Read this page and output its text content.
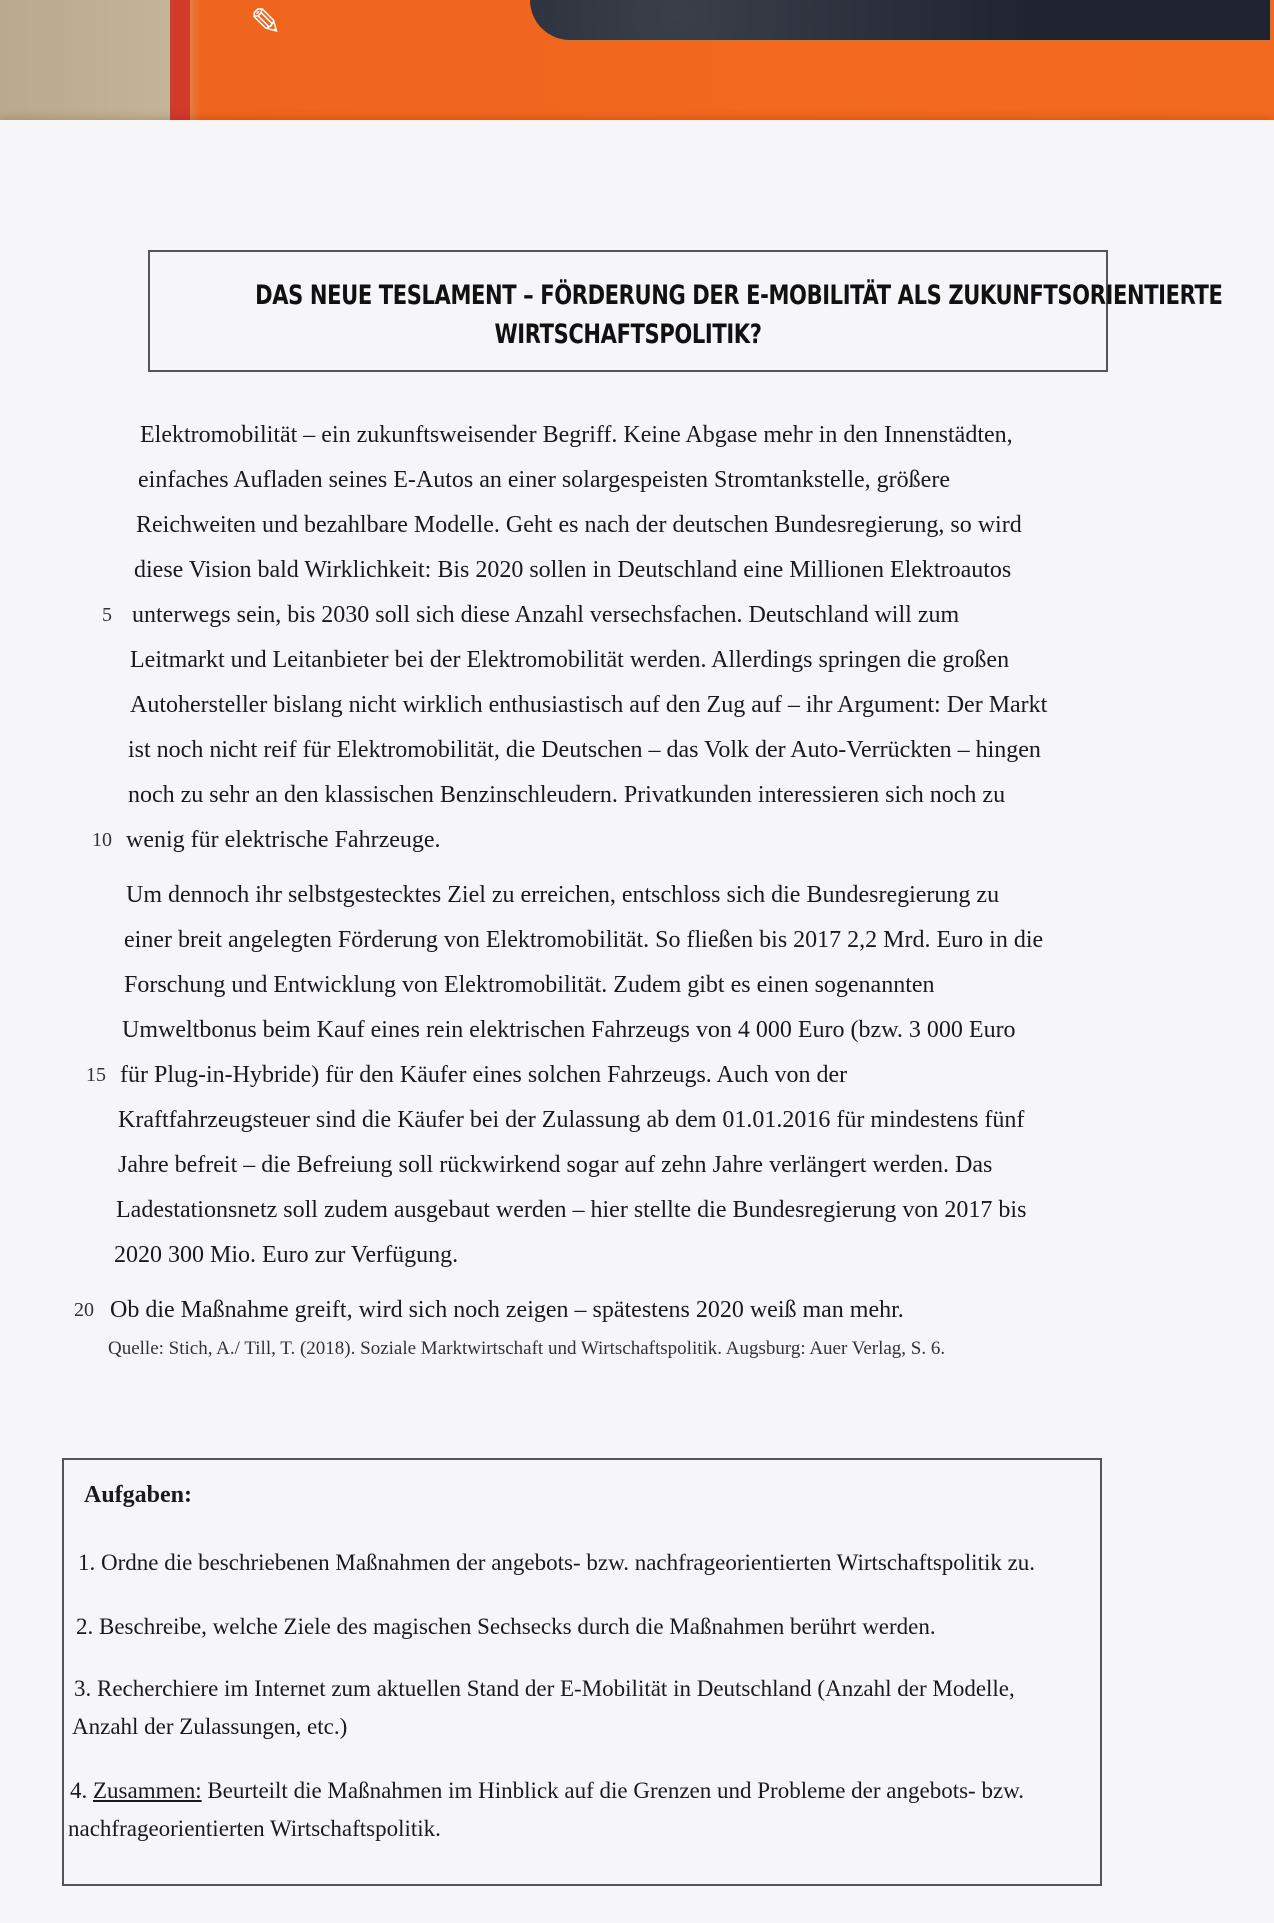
✎
DAS NEUE TESLAMENT – FÖRDERUNG DER E-MOBILITÄT ALS ZUKUNFTSORIENTIERTE
WIRTSCHAFTSPOLITIK?
Elektromobilität – ein zukunftsweisender Begriff. Keine Abgase mehr in den Innenstädten,
einfaches Aufladen seines E-Autos an einer solargespeisten Stromtankstelle, größere
Reichweiten und bezahlbare Modelle. Geht es nach der deutschen Bundesregierung, so wird
diese Vision bald Wirklichkeit: Bis 2020 sollen in Deutschland eine Millionen Elektroautos
unterwegs sein, bis 2030 soll sich diese Anzahl versechsfachen. Deutschland will zum
Leitmarkt und Leitanbieter bei der Elektromobilität werden. Allerdings springen die großen
Autohersteller bislang nicht wirklich enthusiastisch auf den Zug auf – ihr Argument: Der Markt
ist noch nicht reif für Elektromobilität, die Deutschen – das Volk der Auto-Verrückten – hingen
noch zu sehr an den klassischen Benzinschleudern. Privatkunden interessieren sich noch zu
wenig für elektrische Fahrzeuge.
Um dennoch ihr selbstgestecktes Ziel zu erreichen, entschloss sich die Bundesregierung zu
einer breit angelegten Förderung von Elektromobilität. So fließen bis 2017 2,2 Mrd. Euro in die
Forschung und Entwicklung von Elektromobilität. Zudem gibt es einen sogenannten
Umweltbonus beim Kauf eines rein elektrischen Fahrzeugs von 4 000 Euro (bzw. 3 000 Euro
für Plug-in-Hybride) für den Käufer eines solchen Fahrzeugs. Auch von der
Kraftfahrzeugsteuer sind die Käufer bei der Zulassung ab dem 01.01.2016 für mindestens fünf
Jahre befreit – die Befreiung soll rückwirkend sogar auf zehn Jahre verlängert werden. Das
Ladestationsnetz soll zudem ausgebaut werden – hier stellte die Bundesregierung von 2017 bis
2020 300 Mio. Euro zur Verfügung.
Ob die Maßnahme greift, wird sich noch zeigen – spätestens 2020 weiß man mehr.
5
10
15
20
Quelle: Stich, A./ Till, T. (2018). Soziale Marktwirtschaft und Wirtschaftspolitik. Augsburg: Auer Verlag, S. 6.
Aufgaben:
1. Ordne die beschriebenen Maßnahmen der angebots- bzw. nachfrageorientierten Wirtschaftspolitik zu.
2. Beschreibe, welche Ziele des magischen Sechsecks durch die Maßnahmen berührt werden.
3. Recherchiere im Internet zum aktuellen Stand der E-Mobilität in Deutschland (Anzahl der Modelle,
Anzahl der Zulassungen, etc.)
4. Zusammen: Beurteilt die Maßnahmen im Hinblick auf die Grenzen und Probleme der angebots- bzw.
nachfrageorientierten Wirtschaftspolitik.
